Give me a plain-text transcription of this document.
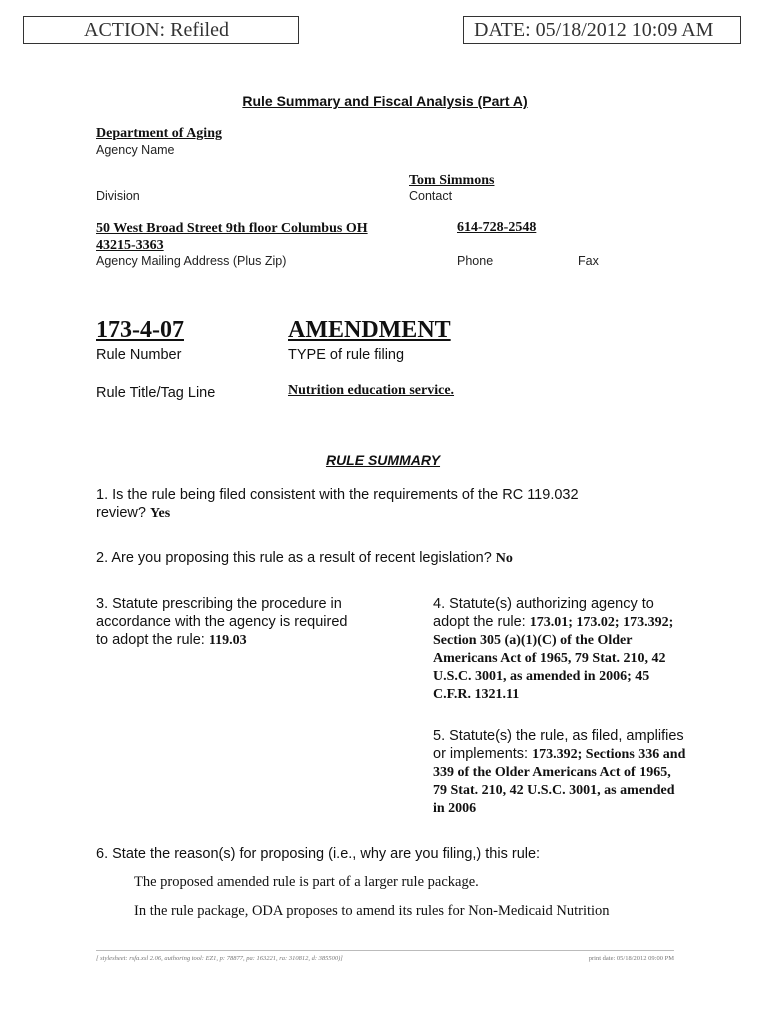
ACTION: Refiled	DATE: 05/18/2012 10:09 AM
Rule Summary and Fiscal Analysis (Part A)
Department of Aging
Agency Name
Tom Simmons
Division	Contact
50 West Broad Street 9th floor Columbus OH
43215-3363
614-728-2548
Agency Mailing Address (Plus Zip)	Phone	Fax
173-4-07	AMENDMENT
Rule Number	TYPE of rule filing
Rule Title/Tag Line	Nutrition education service.
RULE SUMMARY
1. Is the rule being filed consistent with the requirements of the RC 119.032
review? Yes
2. Are you proposing this rule as a result of recent legislation? No
3. Statute prescribing the procedure in
accordance with the agency is required
to adopt the rule: 119.03
4. Statute(s) authorizing agency to
adopt the rule: 173.01; 173.02; 173.392;
Section 305 (a)(1)(C) of the Older
Americans Act of 1965, 79 Stat. 210, 42
U.S.C. 3001, as amended in 2006; 45
C.F.R. 1321.11
5. Statute(s) the rule, as filed, amplifies
or implements: 173.392; Sections 336 and
339 of the Older Americans Act of 1965,
79 Stat. 210, 42 U.S.C. 3001, as amended
in 2006
6. State the reason(s) for proposing (i.e., why are you filing,) this rule:
The proposed amended rule is part of a larger rule package.
In the rule package, ODA proposes to amend its rules for Non-Medicaid Nutrition
[ stylesheet: rsfa.xsl 2.06, authoring tool: EZ1, p: 78877, pa: 163221, ra: 310812, d: 385500)]	print date: 05/18/2012 09:00 PM
